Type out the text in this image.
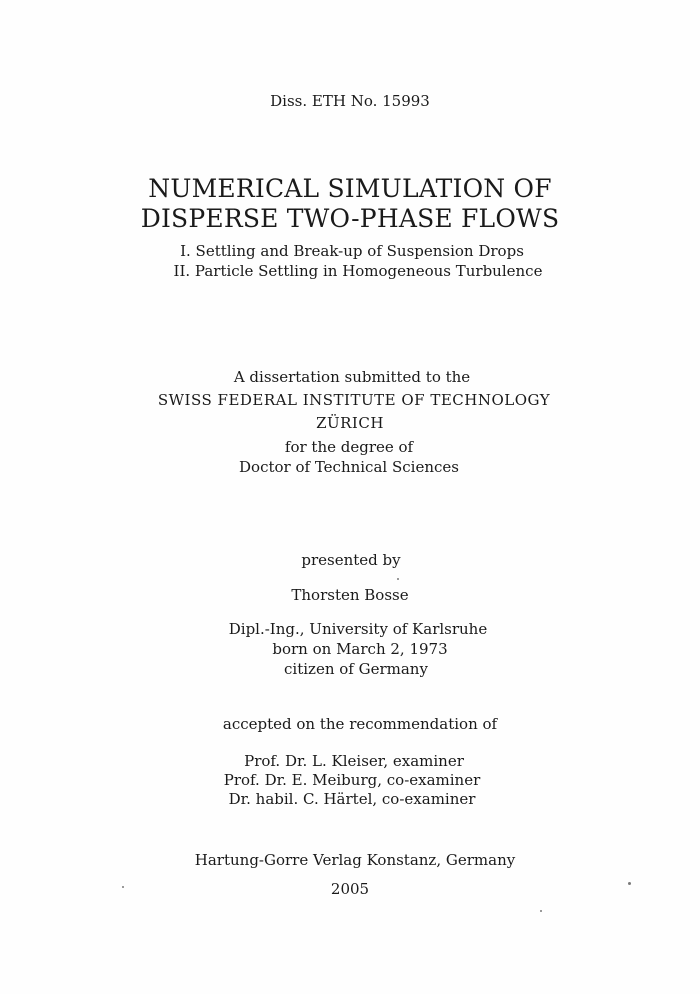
Diss. ETH No. 15993
NUMERICAL SIMULATION OF
DISPERSE TWO-PHASE FLOWS
I. Settling and Break-up of Suspension Drops
II. Particle Settling in Homogeneous Turbulence
A dissertation submitted to the
SWISS FEDERAL INSTITUTE OF TECHNOLOGY
ZÜRICH
for the degree of
Doctor of Technical Sciences
presented by
Thorsten Bosse
Dipl.-Ing., University of Karlsruhe
born on March 2, 1973
citizen of Germany
accepted on the recommendation of
Prof. Dr. L. Kleiser, examiner
Prof. Dr. E. Meiburg, co-examiner
Dr. habil. C. Härtel, co-examiner
Hartung-Gorre Verlag Konstanz, Germany
2005
